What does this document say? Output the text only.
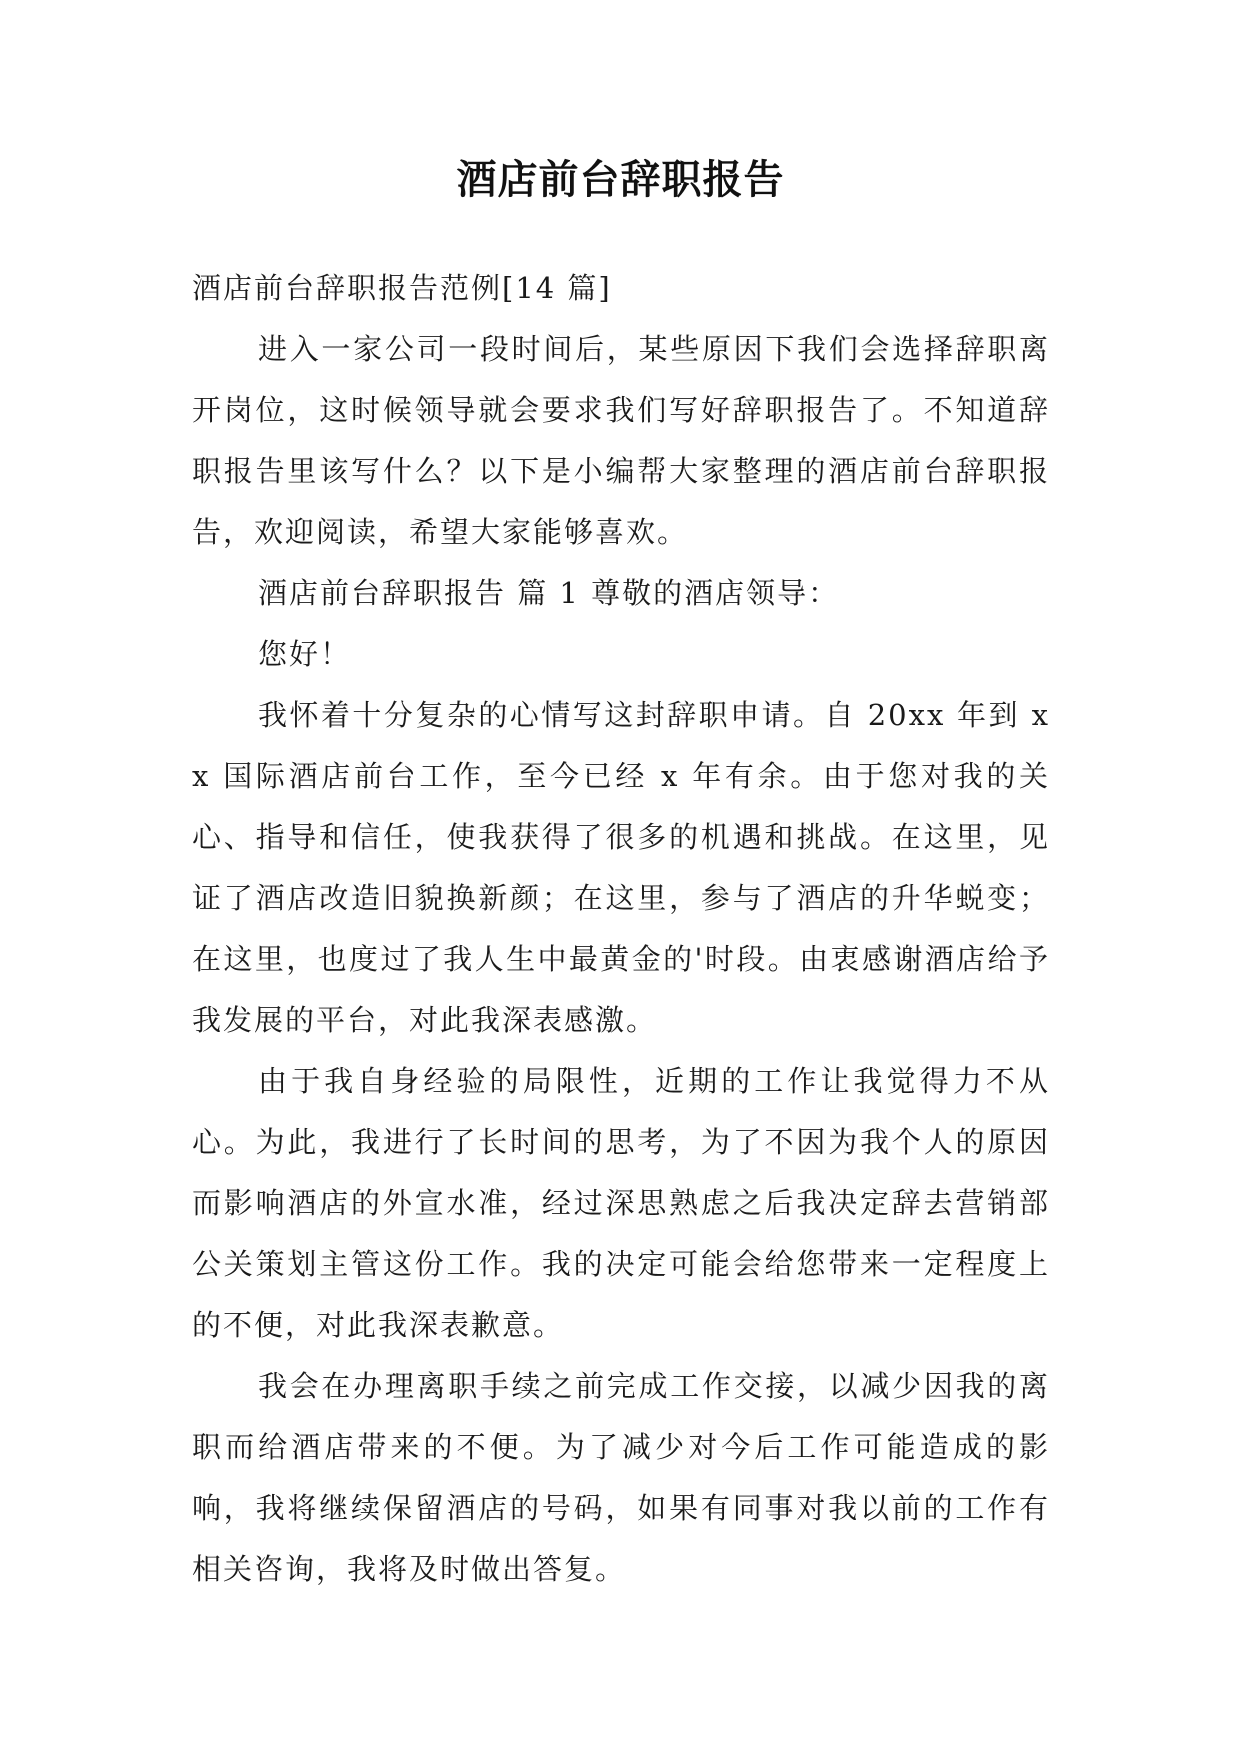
酒店前台辞职报告

酒店前台辞职报告范例[14 篇]

进入一家公司一段时间后，某些原因下我们会选择辞职离开岗位，这时候领导就会要求我们写好辞职报告了。不知道辞职报告里该写什么？以下是小编帮大家整理的酒店前台辞职报告，欢迎阅读，希望大家能够喜欢。

酒店前台辞职报告 篇 1 尊敬的酒店领导：

您好！

我怀着十分复杂的心情写这封辞职申请。自 20xx 年到 xx 国际酒店前台工作，至今已经 x 年有余。由于您对我的关心、指导和信任，使我获得了很多的机遇和挑战。在这里，见证了酒店改造旧貌换新颜；在这里，参与了酒店的升华蜕变；在这里，也度过了我人生中最黄金的'时段。由衷感谢酒店给予我发展的平台，对此我深表感激。

由于我自身经验的局限性，近期的工作让我觉得力不从心。为此，我进行了长时间的思考，为了不因为我个人的原因而影响酒店的外宣水准，经过深思熟虑之后我决定辞去营销部公关策划主管这份工作。我的决定可能会给您带来一定程度上的不便，对此我深表歉意。

我会在办理离职手续之前完成工作交接，以减少因我的离职而给酒店带来的不便。为了减少对今后工作可能造成的影响，我将继续保留酒店的号码，如果有同事对我以前的工作有相关咨询，我将及时做出答复。
